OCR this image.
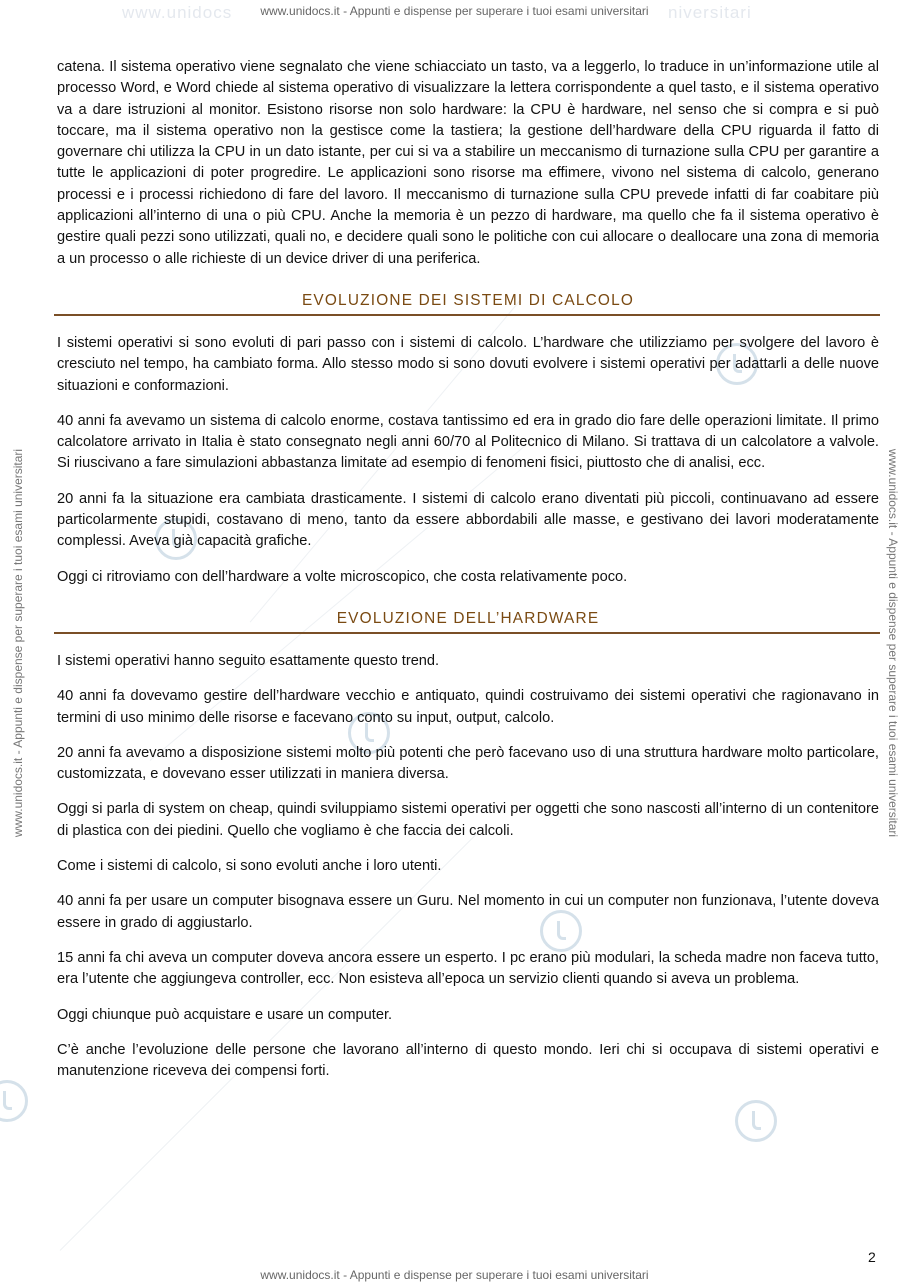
www.unidocs	niversitari
www.unidocs.it - Appunti e dispense per superare i tuoi esami universitari
www.unidocs.it - Appunti e dispense per superare i tuoi esami universitari
www.unidocs.it - Appunti e dispense per superare i tuoi esami universitari	www.unidocs.it - Appunti e dispense per superare i tuoi esami universitari

catena. Il sistema operativo viene segnalato che viene schiacciato un tasto, va a leggerlo, lo traduce in un’informazione utile al processo Word, e Word chiede al sistema operativo di visualizzare la lettera corrispondente a quel tasto, e il sistema operativo va a dare istruzioni al monitor. Esistono risorse non solo hardware: la CPU è hardware, nel senso che si compra e si può toccare, ma il sistema operativo non la gestisce come la tastiera; la gestione dell’hardware della CPU riguarda il fatto di governare chi utilizza la CPU in un dato istante, per cui si va a stabilire un meccanismo di turnazione sulla CPU per garantire a tutte le applicazioni di poter progredire. Le applicazioni sono risorse ma effimere, vivono nel sistema di calcolo, generano processi e i processi richiedono di fare del lavoro. Il meccanismo di turnazione sulla CPU prevede infatti di far coabitare più applicazioni all’interno di una o più CPU. Anche la memoria è un pezzo di hardware, ma quello che fa il sistema operativo è gestire quali pezzi sono utilizzati, quali no, e decidere quali sono le politiche con cui allocare o deallocare una zona di memoria a un processo o alle richieste di un device driver di una periferica.

EVOLUZIONE DEI SISTEMI DI CALCOLO

I sistemi operativi si sono evoluti di pari passo con i sistemi di calcolo. L’hardware che utilizziamo per svolgere del lavoro è cresciuto nel tempo, ha cambiato forma. Allo stesso modo si sono dovuti evolvere i sistemi operativi per adattarli a delle nuove situazioni e conformazioni.

40 anni fa avevamo un sistema di calcolo enorme, costava tantissimo ed era in grado dio fare delle operazioni limitate. Il primo calcolatore arrivato in Italia è stato consegnato negli anni 60/70 al Politecnico di Milano. Si trattava di un calcolatore a valvole. Si riuscivano a fare simulazioni abbastanza limitate ad esempio di fenomeni fisici, piuttosto che di analisi, ecc.

20 anni fa la situazione era cambiata drasticamente. I sistemi di calcolo erano diventati più piccoli, continuavano ad essere particolarmente stupidi, costavano di meno, tanto da essere abbordabili alle masse, e gestivano dei lavori moderatamente complessi. Aveva già capacità grafiche.

Oggi ci ritroviamo con dell’hardware a volte microscopico, che costa relativamente poco.

EVOLUZIONE DELL’HARDWARE

I sistemi operativi hanno seguito esattamente questo trend.

40 anni fa dovevamo gestire dell’hardware vecchio e antiquato, quindi costruivamo dei sistemi operativi che ragionavano in termini di uso minimo delle risorse e facevano conto su input, output, calcolo.

20 anni fa avevamo a disposizione sistemi molto più potenti che però facevano uso di una struttura hardware molto particolare, customizzata, e dovevano esser utilizzati in maniera diversa.

Oggi si parla di system on cheap, quindi sviluppiamo sistemi operativi per oggetti che sono nascosti all’interno di un contenitore di plastica con dei piedini. Quello che vogliamo è che faccia dei calcoli.

Come i sistemi di calcolo, si sono evoluti anche i loro utenti.

40 anni fa per usare un computer bisognava essere un Guru. Nel momento in cui un computer non funzionava, l’utente doveva essere in grado di aggiustarlo.

15 anni fa chi aveva un computer doveva ancora essere un esperto. I pc erano più modulari, la scheda madre non faceva tutto, era l’utente che aggiungeva controller, ecc. Non esisteva all’epoca un servizio clienti quando si aveva un problema.

Oggi chiunque può acquistare e usare un computer.

C’è anche l’evoluzione delle persone che lavorano all’interno di questo mondo. Ieri chi si occupava di sistemi operativi e manutenzione riceveva dei compensi forti.

2
